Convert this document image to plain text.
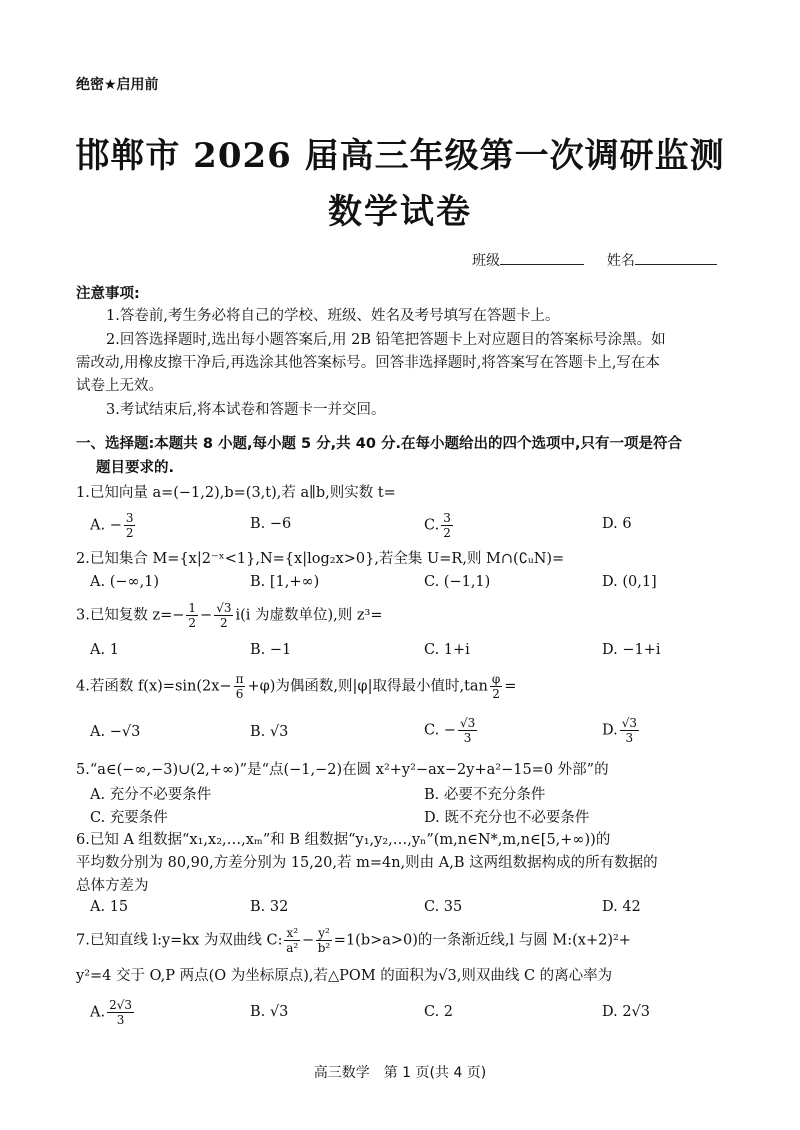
绝密★启用前
邯郸市 2026 届高三年级第一次调研监测
数学试卷
班级	姓名
注意事项:
1.答卷前,考生务必将自己的学校、班级、姓名及考号填写在答题卡上。
2.回答选择题时,选出每小题答案后,用 2B 铅笔把答题卡上对应题目的答案标号涂黑。如
需改动,用橡皮擦干净后,再选涂其他答案标号。回答非选择题时,将答案写在答题卡上,写在本
试卷上无效。
3.考试结束后,将本试卷和答题卡一并交回。
一、选择题:本题共 8 小题,每小题 5 分,共 40 分.在每小题给出的四个选项中,只有一项是符合
题目要求的.
1.已知向量 a=(−1,2),b=(3,t),若 a∥b,则实数 t=
A. − $\frac{3}{2}$	B. −6	C. $\frac{3}{2}$	D. 6
2.已知集合 M={x|2⁻ˣ<1},N={x|log₂x>0},若全集 U=R,则 M∩(∁ᵤN)=
A. (−∞,1)	B. [1,+∞)	C. (−1,1)	D. (0,1]
3.已知复数 $z=- \frac{1}{2} - \frac{√3}{2} i(i$ 为虚数单位),则 z³=
A. 1	B. −1	C. 1+i	D. −1+i
4.若函数 $f(x)=\sin(2x- \frac{\pi}{6} +\varphi)$为偶函数,则|φ|取得最小值时$,\tan \frac{\varphi}{2}$ =
A. −√3	B. √3	C. − $\frac{√3}{3}$	D. $\frac{√3}{3}$
5.“a∈(−∞,−3)∪(2,+∞)”是“点(−1,−2)在圆 x²+y²−ax−2y+a²−15=0 外部”的
A. 充分不必要条件	B. 必要不充分条件
C. 充要条件	D. 既不充分也不必要条件
6.已知 A 组数据“x₁,x₂,…,xₘ”和 B 组数据“y₁,y₂,…,yₙ”(m,n∈N*,m,n∈[5,+∞))的
平均数分别为 80,90,方差分别为 15,20,若 m=4n,则由 A,B 这两组数据构成的所有数据的
总体方差为
A. 15	B. 32	C. 35	D. 42
7.已知直线 l:y=kx 为双曲线 C: $\frac{\text{x²}}{\text{a²}} - \frac{\text{y²}}{\text{b²}} =1(b>a>0)$的一条渐近线,l 与圆 M:(x+2)²+
y²=4 交于 O,P 两点(O 为坐标原点),若△POM 的面积为√3,则双曲线 C 的离心率为
A. $\frac{2√3}{3}$	B. √3	C. 2	D. 2√3
高三数学　第 1 页(共 4 页)
